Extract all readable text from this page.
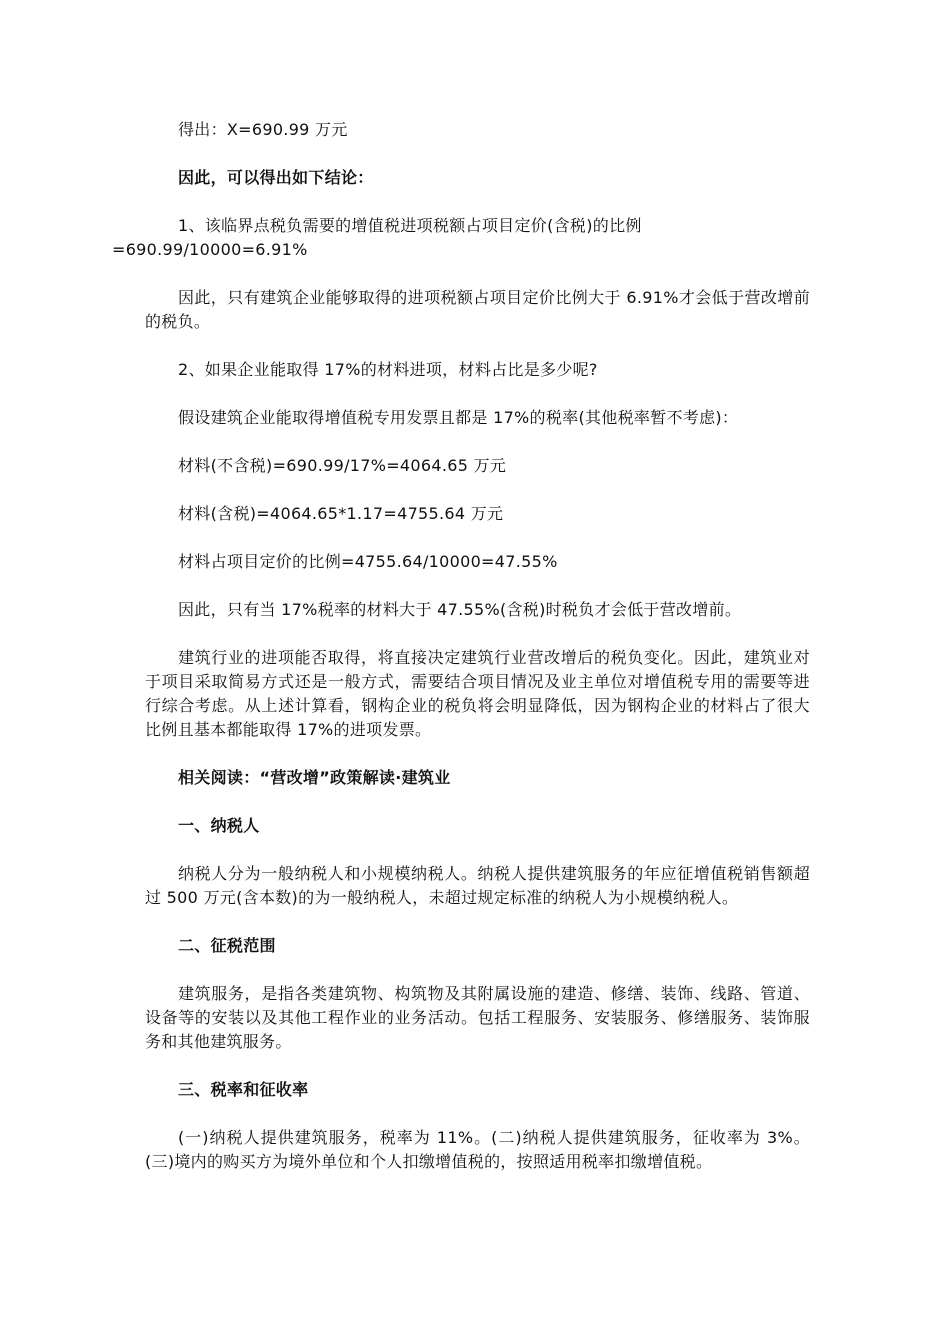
得出：X=690.99 万元

因此，可以得出如下结论：

1、该临界点税负需要的增值税进项税额占项目定价(含税)的比例
=690.99/10000=6.91%

因此，只有建筑企业能够取得的进项税额占项目定价比例大于 6.91%才会低于营改增前的税负。

2、如果企业能取得 17%的材料进项，材料占比是多少呢?

假设建筑企业能取得增值税专用发票且都是 17%的税率(其他税率暂不考虑)：

材料(不含税)=690.99/17%=4064.65 万元

材料(含税)=4064.65*1.17=4755.64 万元

材料占项目定价的比例=4755.64/10000=47.55%

因此，只有当 17%税率的材料大于 47.55%(含税)时税负才会低于营改增前。

建筑行业的进项能否取得，将直接决定建筑行业营改增后的税负变化。因此，建筑业对于项目采取简易方式还是一般方式，需要结合项目情况及业主单位对增值税专用的需要等进行综合考虑。从上述计算看，钢构企业的税负将会明显降低，因为钢构企业的材料占了很大比例且基本都能取得 17%的进项发票。

相关阅读：“营改增”政策解读·建筑业

一、纳税人

纳税人分为一般纳税人和小规模纳税人。纳税人提供建筑服务的年应征增值税销售额超过 500 万元(含本数)的为一般纳税人，未超过规定标准的纳税人为小规模纳税人。

二、征税范围

建筑服务，是指各类建筑物、构筑物及其附属设施的建造、修缮、装饰、线路、管道、设备等的安装以及其他工程作业的业务活动。包括工程服务、安装服务、修缮服务、装饰服务和其他建筑服务。

三、税率和征收率

(一)纳税人提供建筑服务，税率为 11%。(二)纳税人提供建筑服务，征收率为 3%。(三)境内的购买方为境外单位和个人扣缴增值税的，按照适用税率扣缴增值税。
